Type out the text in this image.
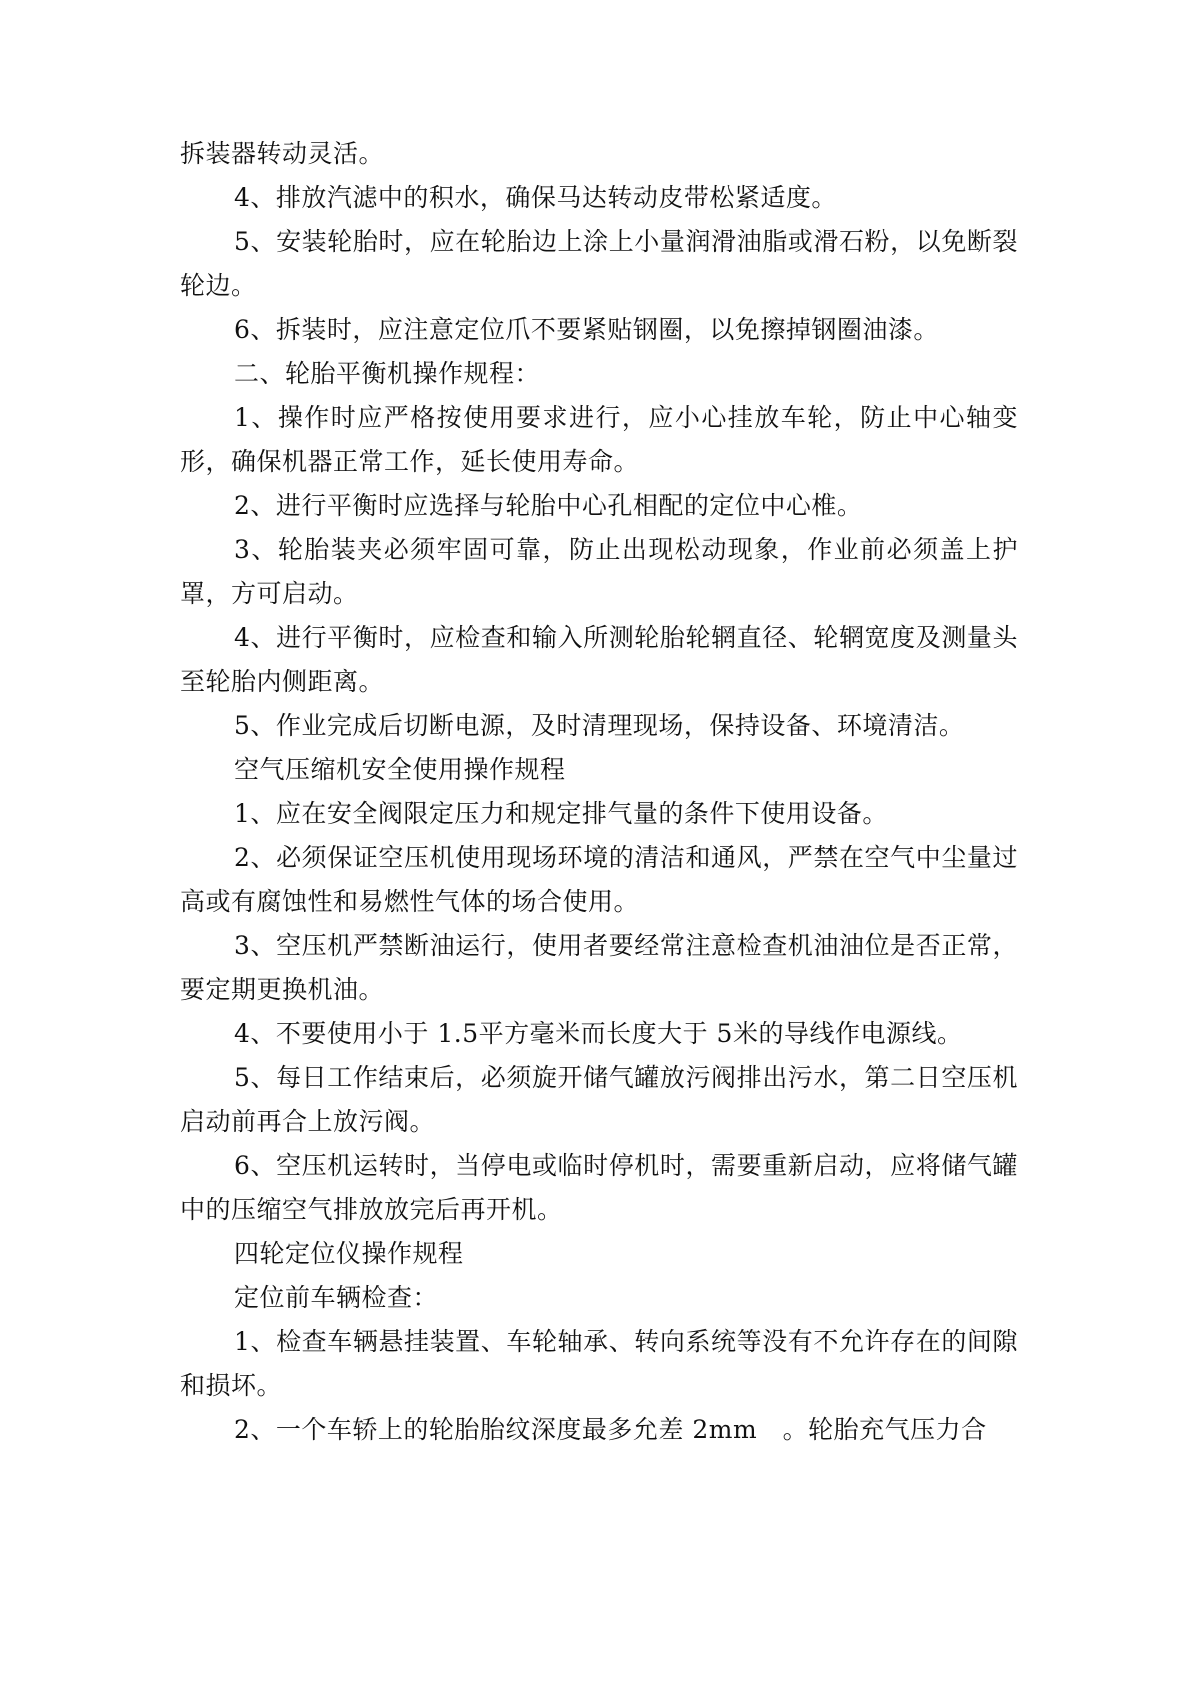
拆装器转动灵活。

4、排放汽滤中的积水，确保马达转动皮带松紧适度。

5、安装轮胎时，应在轮胎边上涂上小量润滑油脂或滑石粉，以免断裂轮边。

6、拆装时，应注意定位爪不要紧贴钢圈，以免擦掉钢圈油漆。

二、轮胎平衡机操作规程：

1、操作时应严格按使用要求进行，应小心挂放车轮，防止中心轴变形，确保机器正常工作，延长使用寿命。

2、进行平衡时应选择与轮胎中心孔相配的定位中心椎。

3、轮胎装夹必须牢固可靠，防止出现松动现象，作业前必须盖上护罩，方可启动。

4、进行平衡时，应检查和输入所测轮胎轮辋直径、轮辋宽度及测量头至轮胎内侧距离。

5、作业完成后切断电源，及时清理现场，保持设备、环境清洁。

空气压缩机安全使用操作规程

1、应在安全阀限定压力和规定排气量的条件下使用设备。

2、必须保证空压机使用现场环境的清洁和通风，严禁在空气中尘量过高或有腐蚀性和易燃性气体的场合使用。

3、空压机严禁断油运行，使用者要经常注意检查机油油位是否正常，要定期更换机油。

4、不要使用小于 1.5平方毫米而长度大于 5米的导线作电源线。

5、每日工作结束后，必须旋开储气罐放污阀排出污水，第二日空压机启动前再合上放污阀。

6、空压机运转时，当停电或临时停机时，需要重新启动，应将储气罐中的压缩空气排放放完后再开机。

四轮定位仪操作规程

定位前车辆检查：

1、检查车辆悬挂装置、车轮轴承、转向系统等没有不允许存在的间隙和损坏。

2、一个车轿上的轮胎胎纹深度最多允差 2mm　。轮胎充气压力合
